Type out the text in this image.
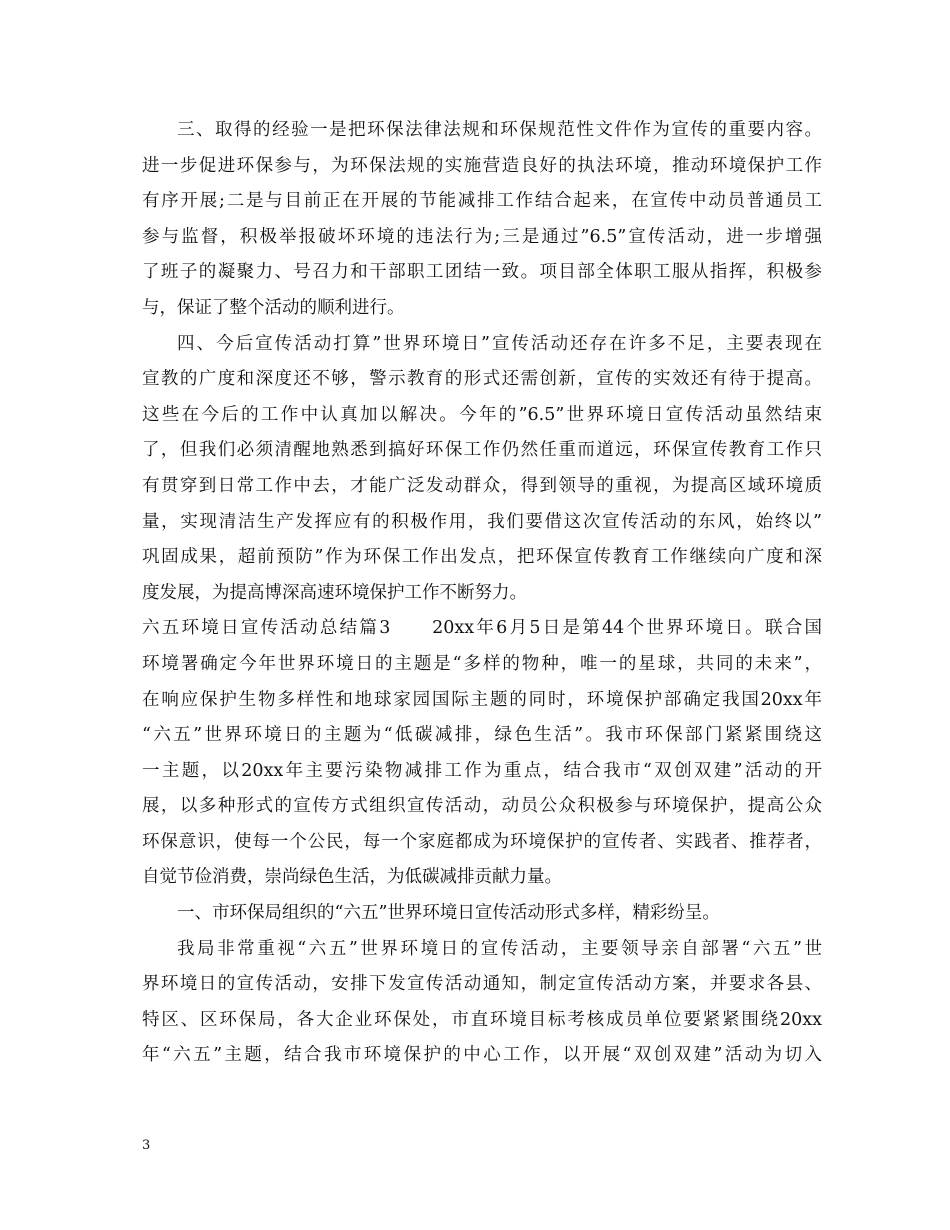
三、取得的经验一是把环保法律法规和环保规范性文件作为宣传的重要内容。
进一步促进环保参与，为环保法规的实施营造良好的执法环境，推动环境保护工作
有序开展;二是与目前正在开展的节能减排工作结合起来，在宣传中动员普通员工
参与监督，积极举报破坏环境的违法行为;三是通过”6.5”宣传活动，进一步增强
了班子的凝聚力、号召力和干部职工团结一致。项目部全体职工服从指挥，积极参
与，保证了整个活动的顺利进行。
四、今后宣传活动打算”世界环境日”宣传活动还存在许多不足，主要表现在
宣教的广度和深度还不够，警示教育的形式还需创新，宣传的实效还有待于提高。
这些在今后的工作中认真加以解决。今年的”6.5”世界环境日宣传活动虽然结束
了，但我们必须清醒地熟悉到搞好环保工作仍然任重而道远，环保宣传教育工作只
有贯穿到日常工作中去，才能广泛发动群众，得到领导的重视，为提高区域环境质
量，实现清洁生产发挥应有的积极作用，我们要借这次宣传活动的东风，始终以”
巩固成果，超前预防”作为环保工作出发点，把环保宣传教育工作继续向广度和深
度发展，为提高博深高速环境保护工作不断努力。
六五环境日宣传活动总结篇3　　20xx年6月5日是第44个世界环境日。联合国
环境署确定今年世界环境日的主题是“多样的物种，唯一的星球，共同的未来”，
在响应保护生物多样性和地球家园国际主题的同时，环境保护部确定我国20xx年
“六五”世界环境日的主题为“低碳减排，绿色生活”。我市环保部门紧紧围绕这
一主题，以20xx年主要污染物减排工作为重点，结合我市“双创双建”活动的开
展，以多种形式的宣传方式组织宣传活动，动员公众积极参与环境保护，提高公众
环保意识，使每一个公民，每一个家庭都成为环境保护的宣传者、实践者、推荐者，
自觉节俭消费，崇尚绿色生活，为低碳减排贡献力量。
一、市环保局组织的“六五”世界环境日宣传活动形式多样，精彩纷呈。
我局非常重视“六五”世界环境日的宣传活动，主要领导亲自部署“六五”世
界环境日的宣传活动，安排下发宣传活动通知，制定宣传活动方案，并要求各县、
特区、区环保局，各大企业环保处，市直环境目标考核成员单位要紧紧围绕20xx
年“六五”主题，结合我市环境保护的中心工作，以开展“双创双建”活动为切入
3
